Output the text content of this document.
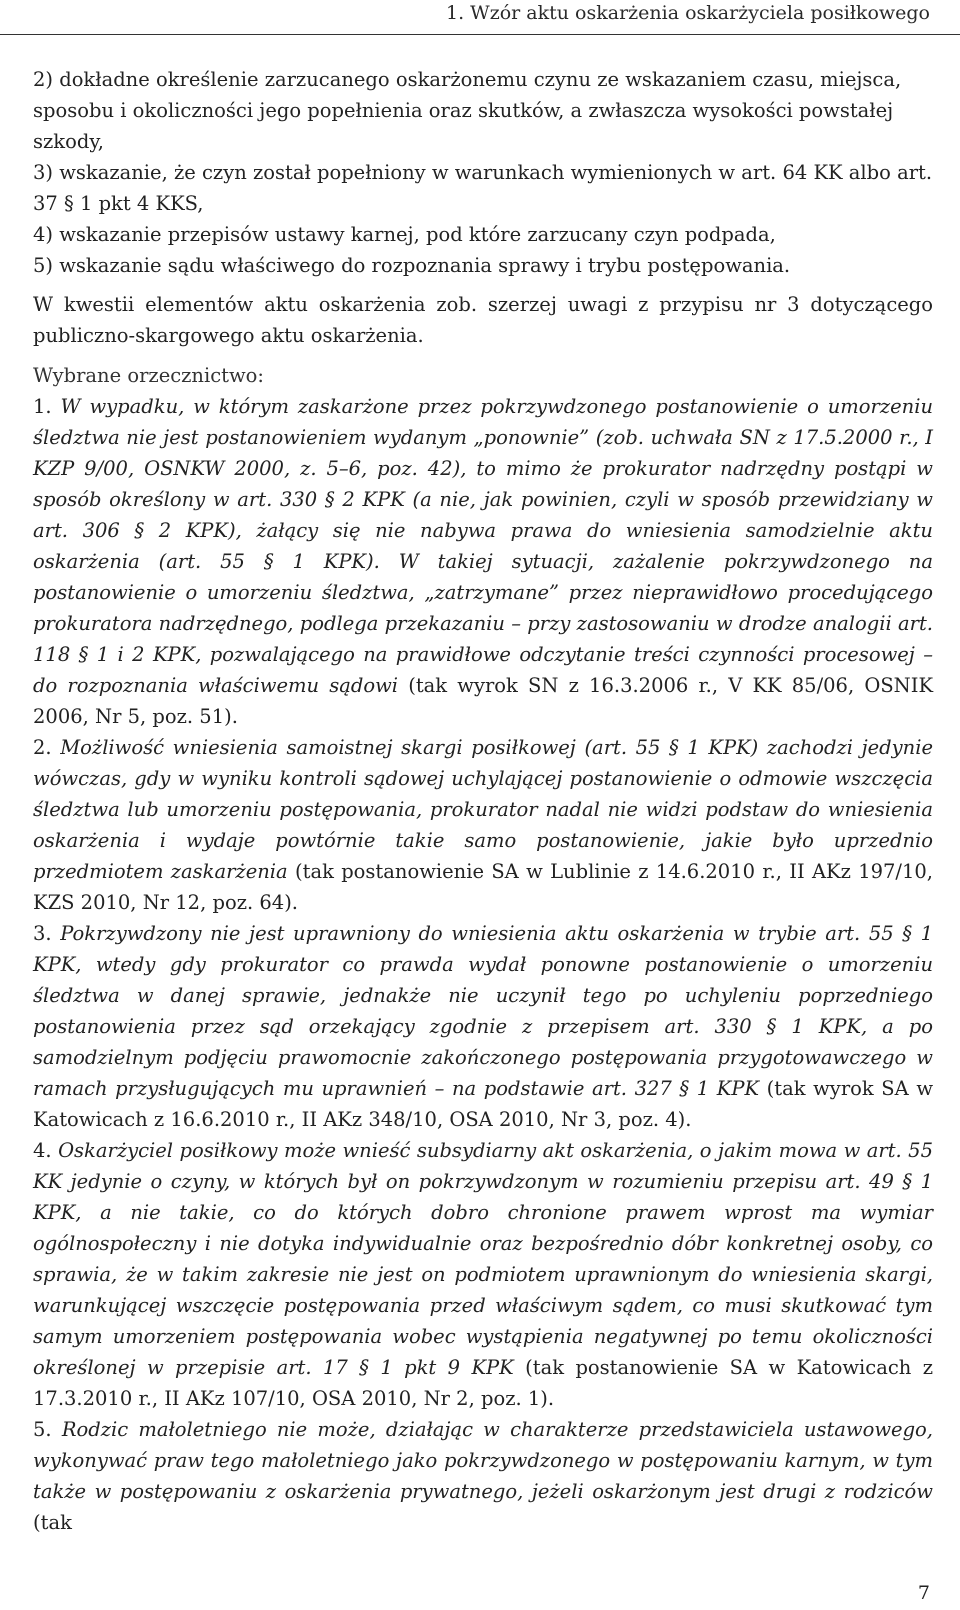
1. Wzór aktu oskarżenia oskarżyciela posiłkowego

2) dokładne określenie zarzucanego oskarżonemu czynu ze wskazaniem czasu, miejsca, sposobu i okoliczności jego popełnienia oraz skutków, a zwłaszcza wysokości powstałej szkody,

3) wskazanie, że czyn został popełniony w warunkach wymienionych w art. 64 KK albo art. 37 § 1 pkt 4 KKS,

4) wskazanie przepisów ustawy karnej, pod które zarzucany czyn podpada,

5) wskazanie sądu właściwego do rozpoznania sprawy i trybu postępowania.

W kwestii elementów aktu oskarżenia zob. szerzej uwagi z przypisu nr 3 dotyczącego publiczno-skargowego aktu oskarżenia.

Wybrane orzecznictwo:

1. W wypadku, w którym zaskarżone przez pokrzywdzonego postanowienie o umorzeniu śledztwa nie jest postanowieniem wydanym „ponownie” (zob. uchwała SN z 17.5.2000 r., I KZP 9/00, OSNKW 2000, z. 5–6, poz. 42), to mimo że prokurator nadrzędny postąpi w sposób określony w art. 330 § 2 KPK (a nie, jak powinien, czyli w sposób przewidziany w art. 306 § 2 KPK), żałący się nie nabywa prawa do wniesienia samodzielnie aktu oskarżenia (art. 55 § 1 KPK). W takiej sytuacji, zażalenie pokrzywdzonego na postanowienie o umorzeniu śledztwa, „zatrzymane” przez nieprawidłowo procedującego prokuratora nadrzędnego, podlega przekazaniu – przy zastosowaniu w drodze analogii art. 118 § 1 i 2 KPK, pozwalającego na prawidłowe odczytanie treści czynności procesowej – do rozpoznania właściwemu sądowi (tak wyrok SN z 16.3.2006 r., V KK 85/06, OSNIK 2006, Nr 5, poz. 51).

2. Możliwość wniesienia samoistnej skargi posiłkowej (art. 55 § 1 KPK) zachodzi jedynie wówczas, gdy w wyniku kontroli sądowej uchylającej postanowienie o odmowie wszczęcia śledztwa lub umorzeniu postępowania, prokurator nadal nie widzi podstaw do wniesienia oskarżenia i wydaje powtórnie takie samo postanowienie, jakie było uprzednio przedmiotem zaskarżenia (tak postanowienie SA w Lublinie z 14.6.2010 r., II AKz 197/10, KZS 2010, Nr 12, poz. 64).

3. Pokrzywdzony nie jest uprawniony do wniesienia aktu oskarżenia w trybie art. 55 § 1 KPK, wtedy gdy prokurator co prawda wydał ponowne postanowienie o umorzeniu śledztwa w danej sprawie, jednakże nie uczynił tego po uchyleniu poprzedniego postanowienia przez sąd orzekający zgodnie z przepisem art. 330 § 1 KPK, a po samodzielnym podjęciu prawomocnie zakończonego postępowania przygotowawczego w ramach przysługujących mu uprawnień – na podstawie art. 327 § 1 KPK (tak wyrok SA w Katowicach z 16.6.2010 r., II AKz 348/10, OSA 2010, Nr 3, poz. 4).

4. Oskarżyciel posiłkowy może wnieść subsydiarny akt oskarżenia, o jakim mowa w art. 55 KK jedynie o czyny, w których był on pokrzywdzonym w rozumieniu przepisu art. 49 § 1 KPK, a nie takie, co do których dobro chronione prawem wprost ma wymiar ogólnospołeczny i nie dotyka indywidualnie oraz bezpośrednio dóbr konkretnej osoby, co sprawia, że w takim zakresie nie jest on podmiotem uprawnionym do wniesienia skargi, warunkującej wszczęcie postępowania przed właściwym sądem, co musi skutkować tym samym umorzeniem postępowania wobec wystąpienia negatywnej po temu okoliczności określonej w przepisie art. 17 § 1 pkt 9 KPK (tak postanowienie SA w Katowicach z 17.3.2010 r., II AKz 107/10, OSA 2010, Nr 2, poz. 1).

5. Rodzic małoletniego nie może, działając w charakterze przedstawiciela ustawowego, wykonywać praw tego małoletniego jako pokrzywdzonego w postępowaniu karnym, w tym także w postępowaniu z oskarżenia prywatnego, jeżeli oskarżonym jest drugi z rodziców (tak

7
